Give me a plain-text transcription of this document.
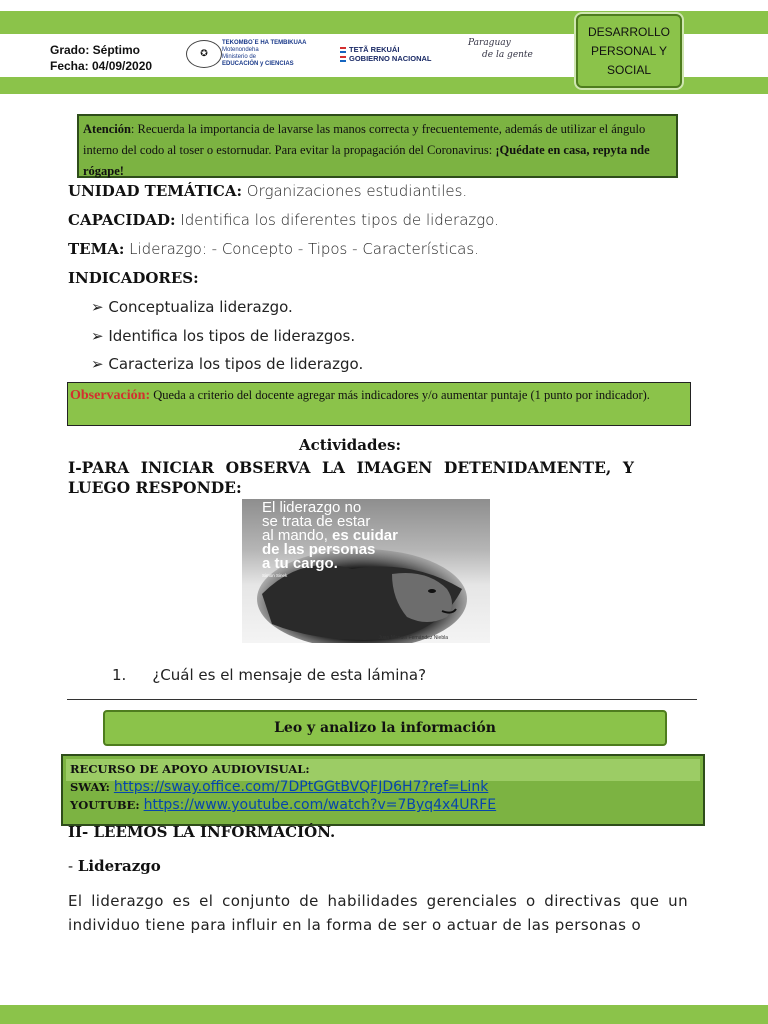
Grado: Séptimo
Fecha: 04/09/2020
✪
TEKOMBO´E HA TEMBIKUAA
Motenondeha
Ministerio de
EDUCACIÓN y CIENCIAS
TETÃ REKUÁI
GOBIERNO NACIONAL
Paraguay
de la gente
DESARROLLO
PERSONAL Y
SOCIAL
Atención: Recuerda la importancia de lavarse las manos correcta y frecuentemente, además de utilizar el ángulo interno del codo al toser o estornudar. Para evitar la propagación del Coronavirus: ¡Quédate en casa, repyta nde rógape!
UNIDAD TEMÁTICA: Organizaciones estudiantiles.
CAPACIDAD: Identifica los diferentes tipos de liderazgo.
TEMA: Liderazgo: - Concepto - Tipos - Características.
INDICADORES:
➢ Conceptualiza liderazgo.
➢ Identifica los tipos de liderazgos.
➢ Caracteriza los tipos de liderazgo.
Observación: Queda a criterio del docente agregar más indicadores y/o aumentar puntaje (1 punto por indicador).
Actividades:
I-PARA INICIAR OBSERVA LA IMAGEN DETENIDAMENTE, Y
LUEGO RESPONDE:
El liderazgo no
se trata de estar
al mando, es cuidar
de las personas
a tu cargo.
Simon Sinek
Juan Manuel Fernández Niebla
1. ¿Cuál es el mensaje de esta lámina?
Leo y analizo la información
RECURSO DE APOYO AUDIOVISUAL:
SWAY: https://sway.office.com/7DPtGGtBVQFJD6H7?ref=Link
YOUTUBE: https://www.youtube.com/watch?v=7Byq4x4URFE
II- LEEMOS LA INFORMACIÓN.
- Liderazgo
El liderazgo es el conjunto de habilidades gerenciales o directivas que un individuo tiene para influir en la forma de ser o actuar de las personas o
